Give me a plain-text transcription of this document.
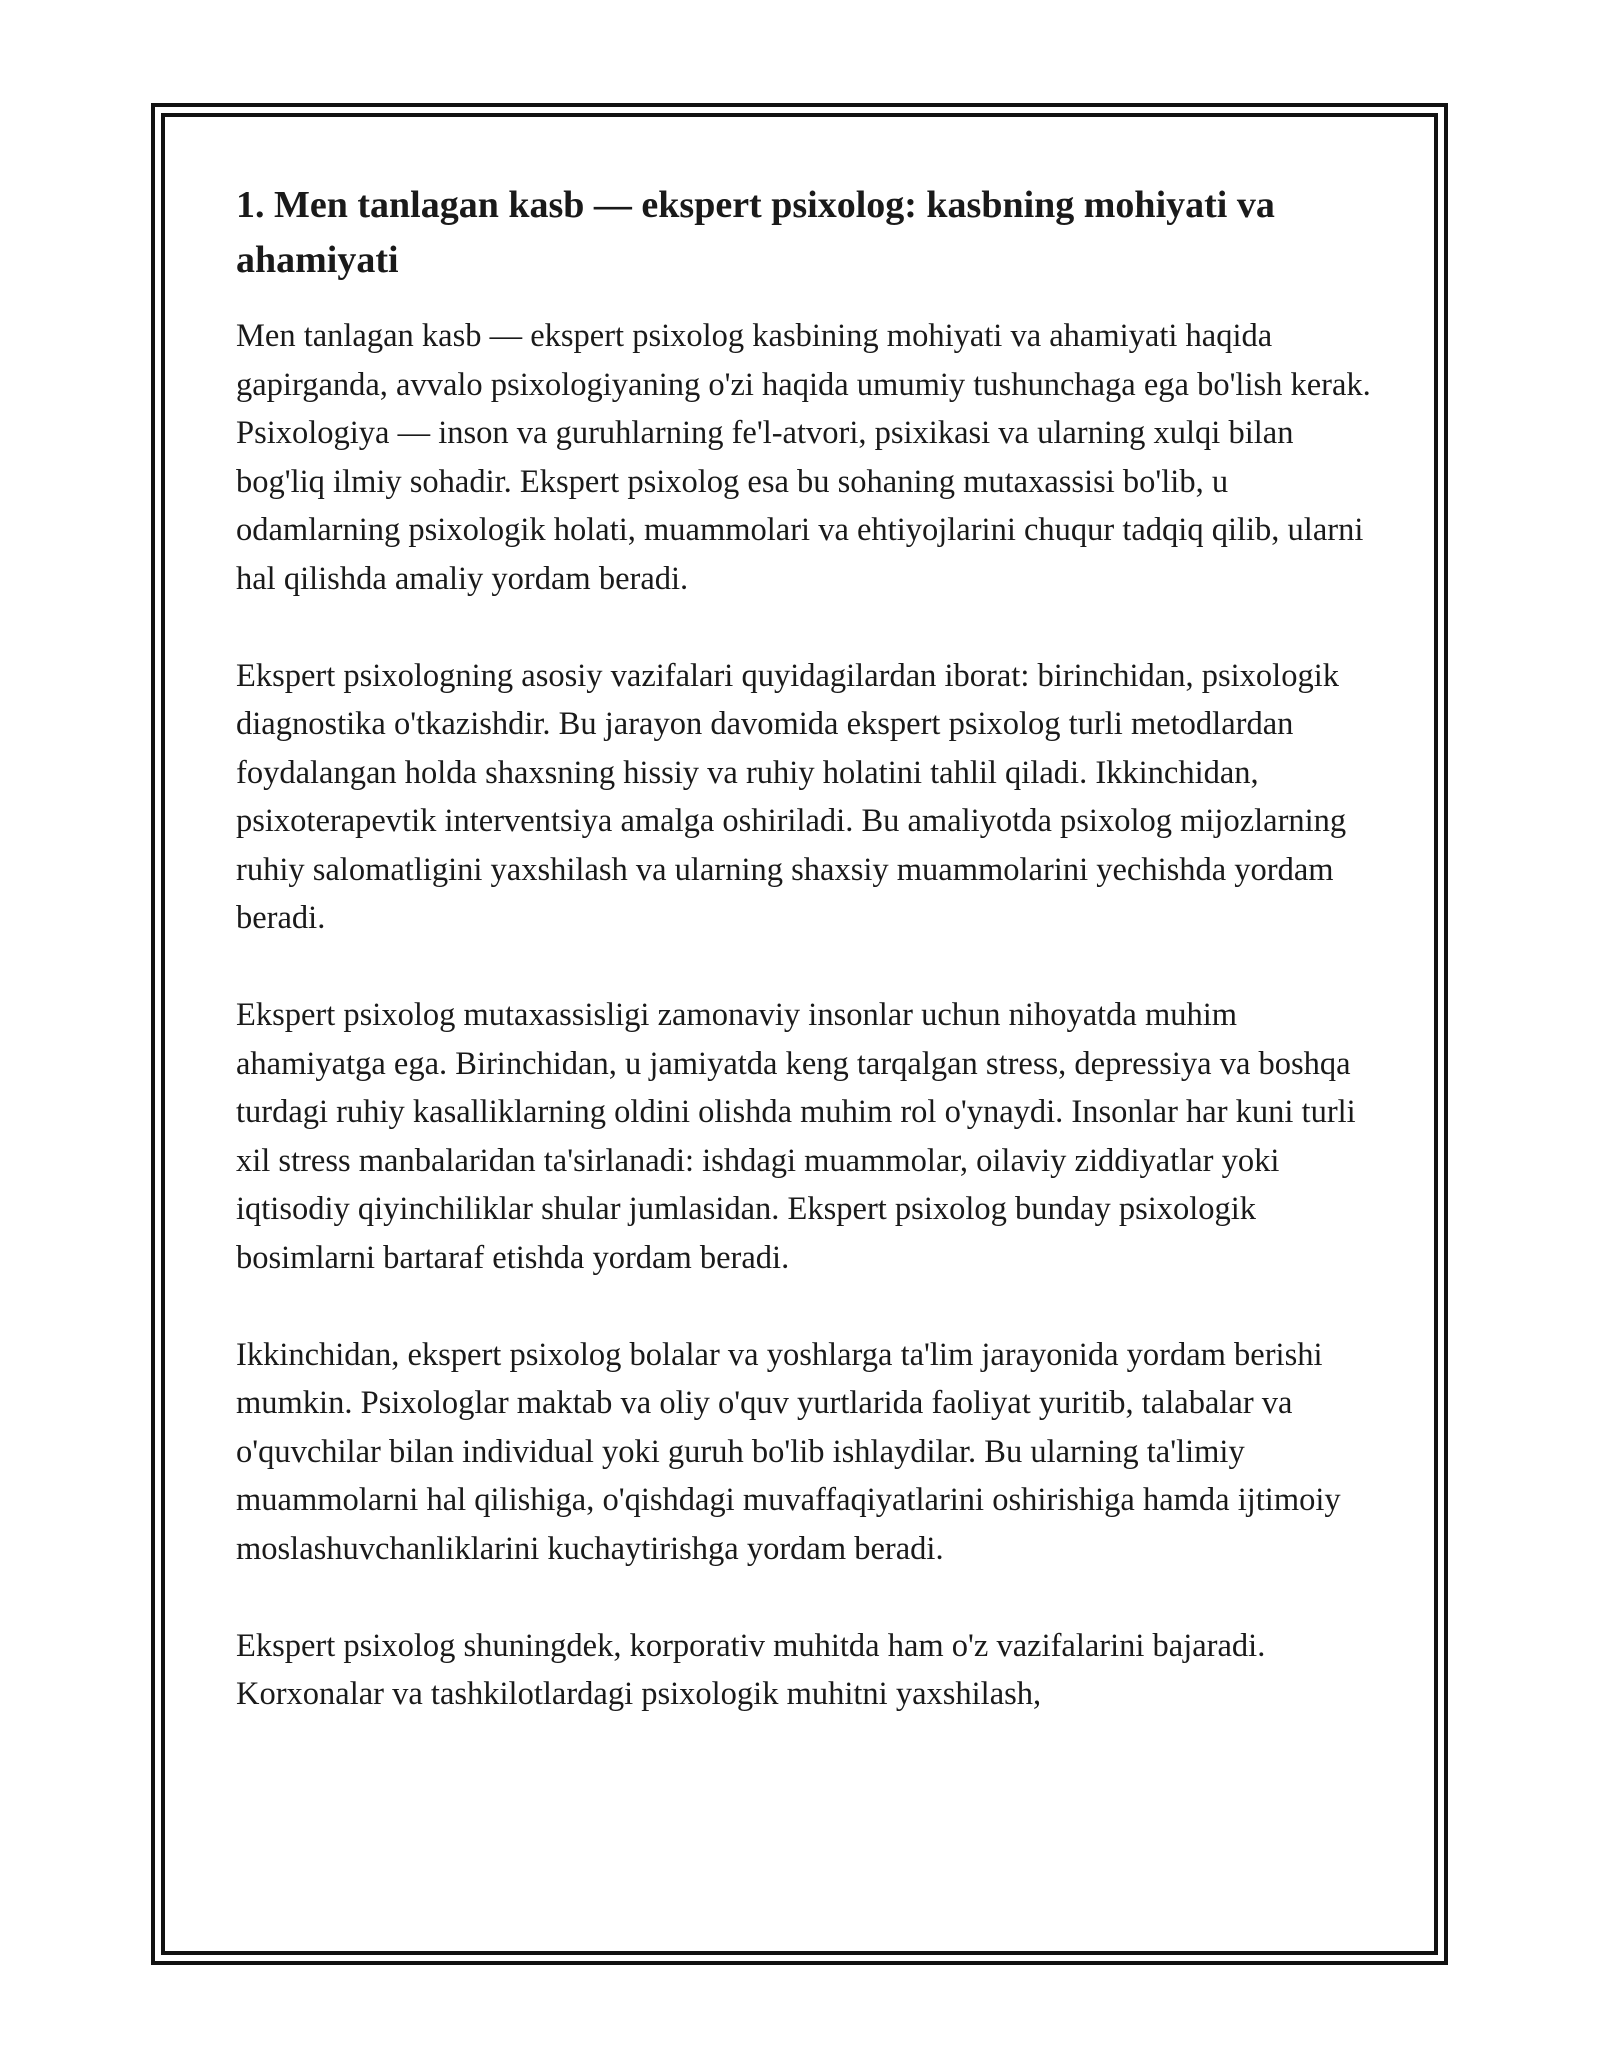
1. Men tanlagan kasb — ekspert psixolog: kasbning mohiyati va ahamiyati

Men tanlagan kasb — ekspert psixolog kasbining mohiyati va ahamiyati haqida gapirganda, avvalo psixologiyaning o'zi haqida umumiy tushunchaga ega bo'lish kerak. Psixologiya — inson va guruhlarning fe'l-atvori, psixikasi va ularning xulqi bilan bog'liq ilmiy sohadir. Ekspert psixolog esa bu sohaning mutaxassisi bo'lib, u odamlarning psixologik holati, muammolari va ehtiyojlarini chuqur tadqiq qilib, ularni hal qilishda amaliy yordam beradi.

Ekspert psixologning asosiy vazifalari quyidagilardan iborat: birinchidan, psixologik diagnostika o'tkazishdir. Bu jarayon davomida ekspert psixolog turli metodlardan foydalangan holda shaxsning hissiy va ruhiy holatini tahlil qiladi. Ikkinchidan, psixoterapevtik interventsiya amalga oshiriladi. Bu amaliyotda psixolog mijozlarning ruhiy salomatligini yaxshilash va ularning shaxsiy muammolarini yechishda yordam beradi.

Ekspert psixolog mutaxassisligi zamonaviy insonlar uchun nihoyatda muhim ahamiyatga ega. Birinchidan, u jamiyatda keng tarqalgan stress, depressiya va boshqa turdagi ruhiy kasalliklarning oldini olishda muhim rol o'ynaydi. Insonlar har kuni turli xil stress manbalaridan ta'sirlanadi: ishdagi muammolar, oilaviy ziddiyatlar yoki iqtisodiy qiyinchiliklar shular jumlasidan. Ekspert psixolog bunday psixologik bosimlarni bartaraf etishda yordam beradi.

Ikkinchidan, ekspert psixolog bolalar va yoshlarga ta'lim jarayonida yordam berishi mumkin. Psixologlar maktab va oliy o'quv yurtlarida faoliyat yuritib, talabalar va o'quvchilar bilan individual yoki guruh bo'lib ishlaydilar. Bu ularning ta'limiy muammolarni hal qilishiga, o'qishdagi muvaffaqiyatlarini oshirishiga hamda ijtimoiy moslashuvchanliklarini kuchaytirishga yordam beradi.

Ekspert psixolog shuningdek, korporativ muhitda ham o'z vazifalarini bajaradi. Korxonalar va tashkilotlardagi psixologik muhitni yaxshilash,
